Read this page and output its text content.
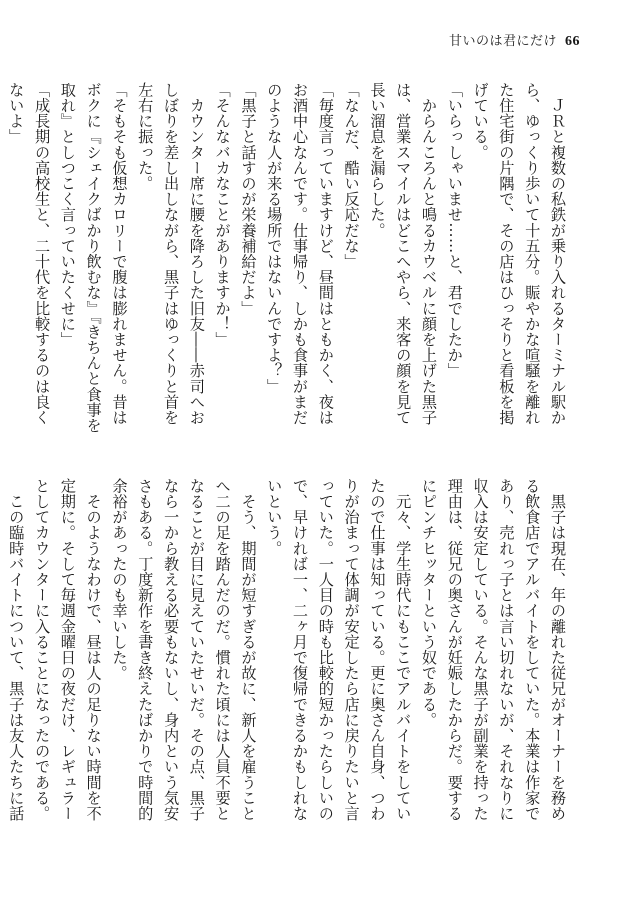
甘いのは君にだけ 66

　ＪＲと複数の私鉄が乗り入れるターミナル駅から、ゆっくり歩いて十五分。賑やかな喧騒を離れた住宅街の片隅で、その店はひっそりと看板を掲げている。

「いらっしゃいませ……と、君でしたか」

　からんころんと鳴るカウベルに顔を上げた黒子は、営業スマイルはどこへやら、来客の顔を見て長い溜息を漏らした。

「なんだ、酷い反応だな」

「毎度言っていますけど、昼間はともかく、夜はお酒中心なんです。仕事帰り、しかも食事がまだのような人が来る場所ではないんですよ？」

「黒子と話すのが栄養補給だよ」

「そんなバカなことがありますか！」

　カウンター席に腰を降ろした旧友――赤司へおしぼりを差し出しながら、黒子はゆっくりと首を左右に振った。

「そもそも仮想カロリーで腹は膨れません。昔はボクに『シェイクばかり飲むな』『きちんと食事を取れ』としつこく言っていたくせに」

「成長期の高校生と、二十代を比較するのは良くないよ」

　黒子は現在、年の離れた従兄がオーナーを務める飲食店でアルバイトをしていた。本業は作家であり、売れっ子とは言い切れないが、それなりに収入は安定している。そんな黒子が副業を持った理由は、従兄の奥さんが妊娠したからだ。要するにピンチヒッターという奴である。

　元々、学生時代にもここでアルバイトをしていたので仕事は知っている。更に奥さん自身、つわりが治まって体調が安定したら店に戻りたいと言っていた。一人目の時も比較的短かったらしいので、早ければ一、二ヶ月で復帰できるかもしれないという。

　そう、期間が短すぎるが故に、新人を雇うことへ二の足を踏んだのだ。慣れた頃には人員不要となることが目に見えていたせいだ。その点、黒子なら一から教える必要もないし、身内という気安さもある。丁度新作を書き終えたばかりで時間的余裕があったのも幸いした。

　そのようなわけで、昼は人の足りない時間を不定期に。そして毎週金曜日の夜だけ、レギュラーとしてカウンターに入ることになったのである。

　この臨時バイトについて、黒子は友人たちに話
